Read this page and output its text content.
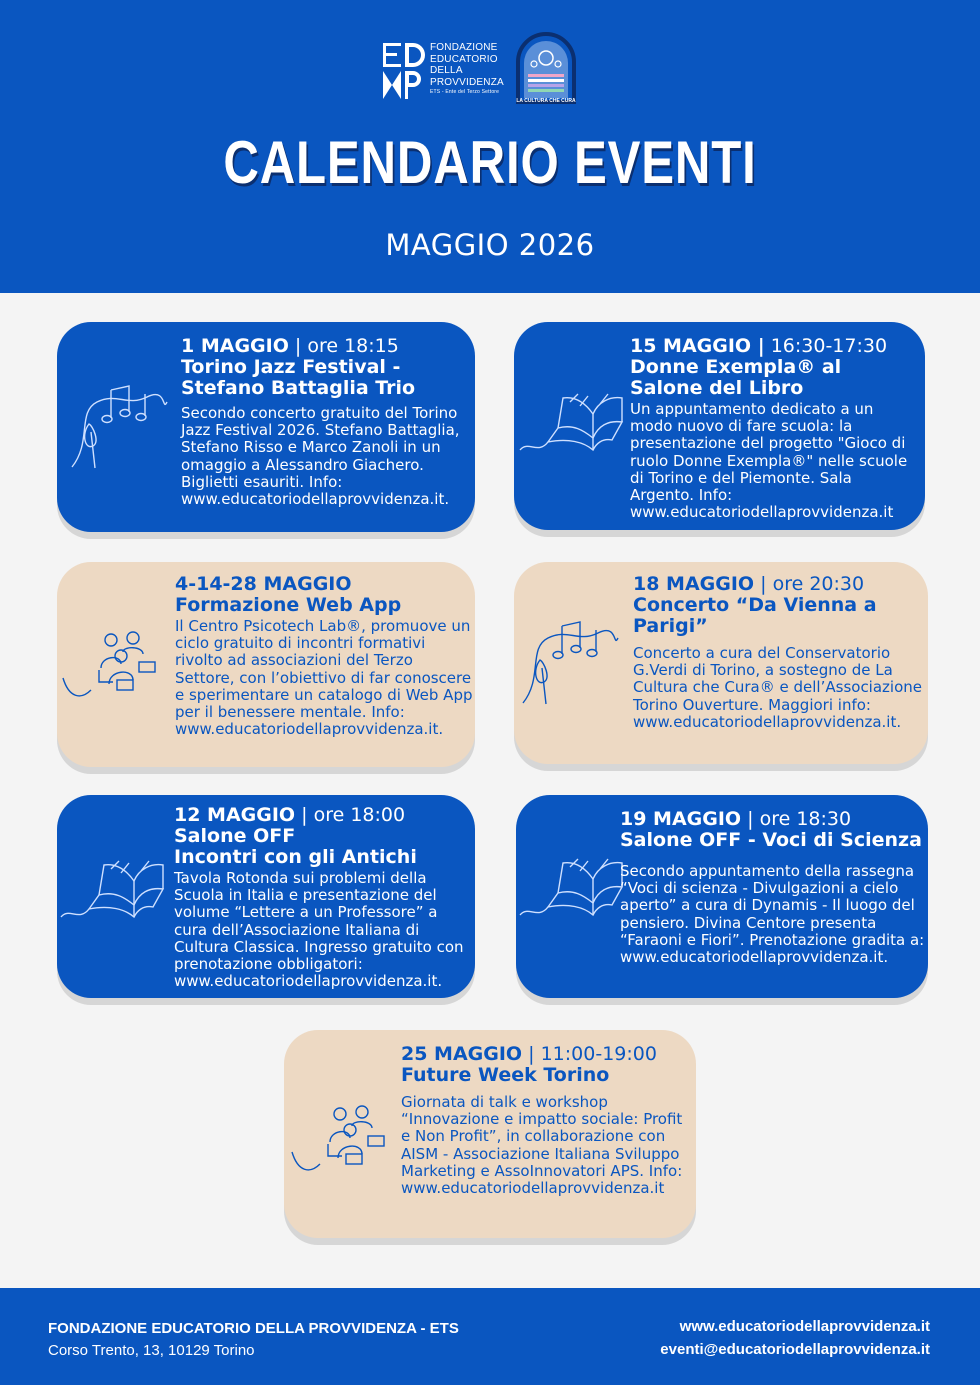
FONDAZIONE
EDUCATORIO
DELLA
PROVVIDENZA
ETS - Ente del Terzo Settore
LA CULTURA CHE CURA
CALENDARIO EVENTI
MAGGIO 2026
1 MAGGIO | ore 18:15
Torino Jazz Festival - Stefano Battaglia Trio
Secondo concerto gratuito del Torino Jazz Festival 2026. Stefano Battaglia, Stefano Risso e Marco Zanoli in un omaggio a Alessandro Giachero. Biglietti esauriti. Info: www.educatoriodellaprovvidenza.it.
15 MAGGIO | 16:30-17:30
Donne Exempla® al Salone del Libro
Un appuntamento dedicato a un modo nuovo di fare scuola: la presentazione del progetto "Gioco di ruolo Donne Exempla®" nelle scuole di Torino e del Piemonte. Sala Argento. Info: www.educatoriodellaprovvidenza.it
4-14-28 MAGGIO
Formazione Web App
Il Centro Psicotech Lab®, promuove un ciclo gratuito di incontri formativi rivolto ad associazioni del Terzo Settore, con l’obiettivo di far conoscere e sperimentare un catalogo di Web App per il benessere mentale. Info: www.educatoriodellaprovvidenza.it.
18 MAGGIO | ore 20:30
Concerto “Da Vienna a Parigi”
Concerto a cura del Conservatorio G.Verdi di Torino, a sostegno de La Cultura che Cura® e dell’Associazione Torino Ouverture. Maggiori info: www.educatoriodellaprovvidenza.it.
12 MAGGIO | ore 18:00
Salone OFF
Incontri con gli Antichi
Tavola Rotonda sui problemi della Scuola in Italia e presentazione del volume “Lettere a un Professore” a cura dell’Associazione Italiana di Cultura Classica. Ingresso gratuito con prenotazione obbligatori: www.educatoriodellaprovvidenza.it.
19 MAGGIO | ore 18:30
Salone OFF - Voci di Scienza
Secondo appuntamento della rassegna “Voci di scienza - Divulgazioni a cielo aperto” a cura di Dynamis - Il luogo del pensiero. Divina Centore presenta “Faraoni e Fiori”. Prenotazione gradita a: www.educatoriodellaprovvidenza.it.
25 MAGGIO | 11:00-19:00
Future Week Torino
Giornata di talk e workshop “Innovazione e impatto sociale: Profit e Non Profit”, in collaborazione con AISM - Associazione Italiana Sviluppo Marketing e AssoInnovatori APS. Info: www.educatoriodellaprovvidenza.it
FONDAZIONE EDUCATORIO DELLA PROVVIDENZA - ETS
Corso Trento, 13, 10129 Torino
www.educatoriodellaprovvidenza.it
eventi@educatoriodellaprovvidenza.it
